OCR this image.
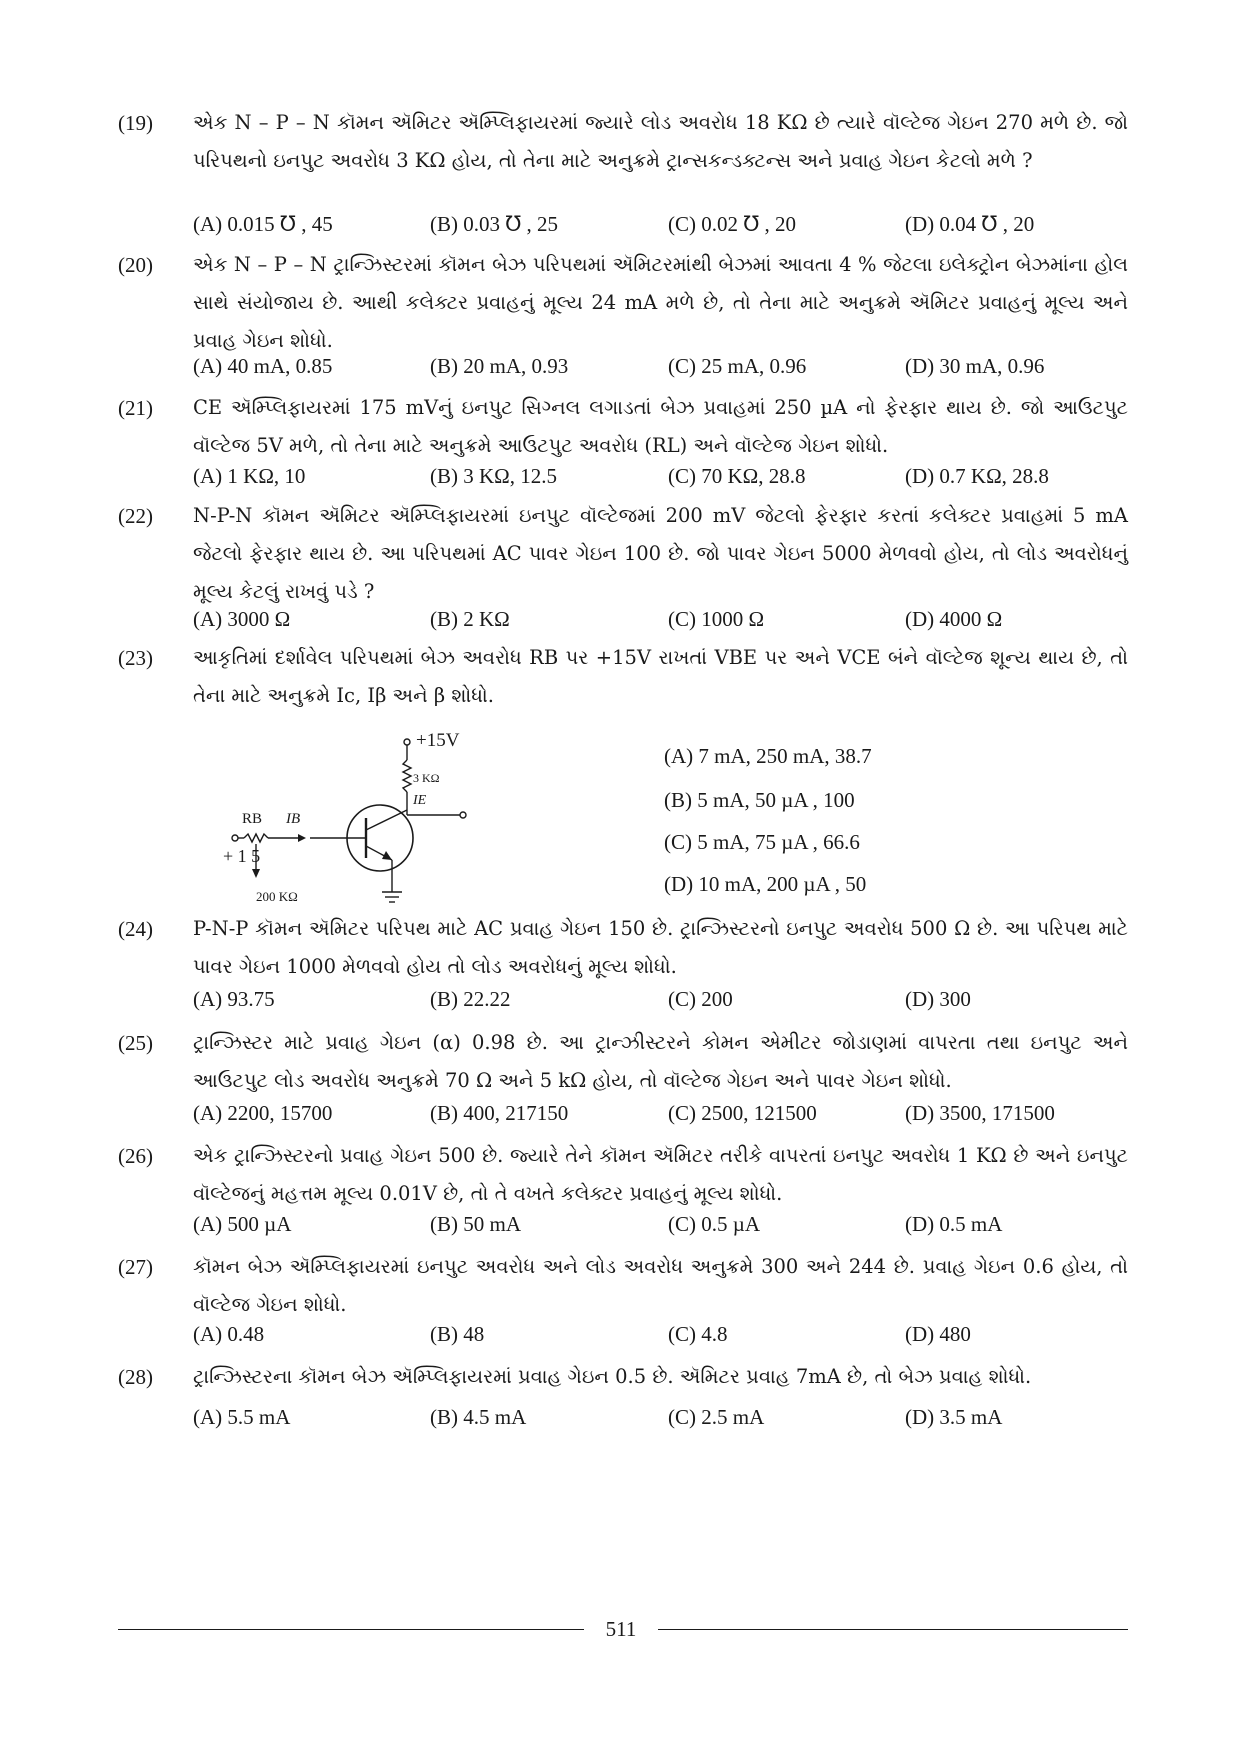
(19) એક N – P – N કૉમન ઍમિટર ઍમ્પ્લિફાયરમાં જ્યારે લોડ અવરોધ 18 KΩ છે ત્યારે વૉલ્ટેજ ગેઇન 270 મળે છે. જો પરિપથનો ઇનપુટ અવરોધ 3 KΩ હોય, તો તેના માટે અનુક્રમે ટ્રાન્સકન્ડક્ટન્સ અને પ્રવાહ ગેઇન કેટલો મળે ?
(A) 0.015 ℧ , 45	(B) 0.03 ℧ , 25	(C) 0.02 ℧ , 20	(D) 0.04 ℧ , 20
(20) એક N – P – N ટ્રાન્ઝિસ્ટરમાં કૉમન બેઝ પરિપથમાં ઍમિટરમાંથી બેઝમાં આવતા 4 % જેટલા ઇલેક્ટ્રોન બેઝમાંના હોલ સાથે સંયોજાય છે. આથી કલેક્ટર પ્રવાહનું મૂલ્ય 24 mA મળે છે, તો તેના માટે અનુક્રમે ઍમિટર પ્રવાહનું મૂલ્ય અને પ્રવાહ ગેઇન શોધો.
(A) 40 mA, 0.85	(B) 20 mA, 0.93	(C) 25 mA, 0.96	(D) 30 mA, 0.96
(21) CE ઍમ્પ્લિફાયરમાં 175 mVનું ઇનપુટ સિગ્નલ લગાડતાં બેઝ પ્રવાહમાં 250 µA નો ફેરફાર થાય છે. જો આઉટપુટ વૉલ્ટેજ 5V મળે, તો તેના માટે અનુક્રમે આઉટપુટ અવરોધ (RL) અને વૉલ્ટેજ ગેઇન શોધો.
(A) 1 KΩ, 10	(B) 3 KΩ, 12.5	(C) 70 KΩ, 28.8	(D) 0.7 KΩ, 28.8
(22) N-P-N કૉમન ઍમિટર ઍમ્પ્લિફાયરમાં ઇનપુટ વૉલ્ટેજમાં 200 mV જેટલો ફેરફાર કરતાં કલેક્ટર પ્રવાહમાં 5 mA જેટલો ફેરફાર થાય છે. આ પરિપથમાં AC પાવર ગેઇન 100 છે. જો પાવર ગેઇન 5000 મેળવવો હોય, તો લોડ અવરોધનું મૂલ્ય કેટલું રાખવું પડે ?
(A) 3000 Ω	(B) 2 KΩ	(C) 1000 Ω	(D) 4000 Ω
(23) આકૃતિમાં દર્શાવેલ પરિપથમાં બેઝ અવરોધ RB પર +15V રાખતાં VBE પર અને VCE બંને વૉલ્ટેજ શૂન્ય થાય છે, તો તેના માટે અનુક્રમે Ic, Iβ અને β શોધો.
+15V
3 KΩ
IE
RB IB
+ 1 5
200 KΩ
(A) 7 mA, 250 mA, 38.7
(B) 5 mA, 50 µA , 100
(C) 5 mA, 75 µA , 66.6
(D) 10 mA, 200 µA , 50
(24) P-N-P કૉમન ઍમિટર પરિપથ માટે AC પ્રવાહ ગેઇન 150 છે. ટ્રાન્ઝિસ્ટરનો ઇનપુટ અવરોધ 500 Ω છે. આ પરિપથ માટે પાવર ગેઇન 1000 મેળવવો હોય તો લોડ અવરોધનું મૂલ્ય શોધો.
(A) 93.75	(B) 22.22	(C) 200	(D) 300
(25) ટ્રાન્ઝિસ્ટર માટે પ્રવાહ ગેઇન (α) 0.98 છે. આ ટ્રાન્ઝીસ્ટરને કોમન એમીટર જોડાણમાં વાપરતા તથા ઇનપુટ અને આઉટપુટ લોડ અવરોધ અનુક્રમે 70 Ω અને 5 kΩ હોય, તો વૉલ્ટેજ ગેઇન અને પાવર ગેઇન શોધો.
(A) 2200, 15700	(B) 400, 217150	(C) 2500, 121500	(D) 3500, 171500
(26) એક ટ્રાન્ઝિસ્ટરનો પ્રવાહ ગેઇન 500 છે. જ્યારે તેને કૉમન ઍમિટર તરીકે વાપરતાં ઇનપુટ અવરોધ 1 KΩ છે અને ઇનપુટ વૉલ્ટેજનું મહત્તમ મૂલ્ય 0.01V છે, તો તે વખતે કલેક્ટર પ્રવાહનું મૂલ્ય શોધો.
(A) 500 µA	(B) 50 mA	(C) 0.5 µA	(D) 0.5 mA
(27) કૉમન બેઝ ઍમ્પ્લિફાયરમાં ઇનપુટ અવરોધ અને લોડ અવરોધ અનુક્રમે 300 અને 244 છે. પ્રવાહ ગેઇન 0.6 હોય, તો વૉલ્ટેજ ગેઇન શોધો.
(A) 0.48	(B) 48	(C) 4.8	(D) 480
(28) ટ્રાન્ઝિસ્ટરના કૉમન બેઝ ઍમ્પ્લિફાયરમાં પ્રવાહ ગેઇન 0.5 છે. ઍમિટર પ્રવાહ 7mA છે, તો બેઝ પ્રવાહ શોધો.
(A) 5.5 mA	(B) 4.5 mA	(C) 2.5 mA	(D) 3.5 mA
511
